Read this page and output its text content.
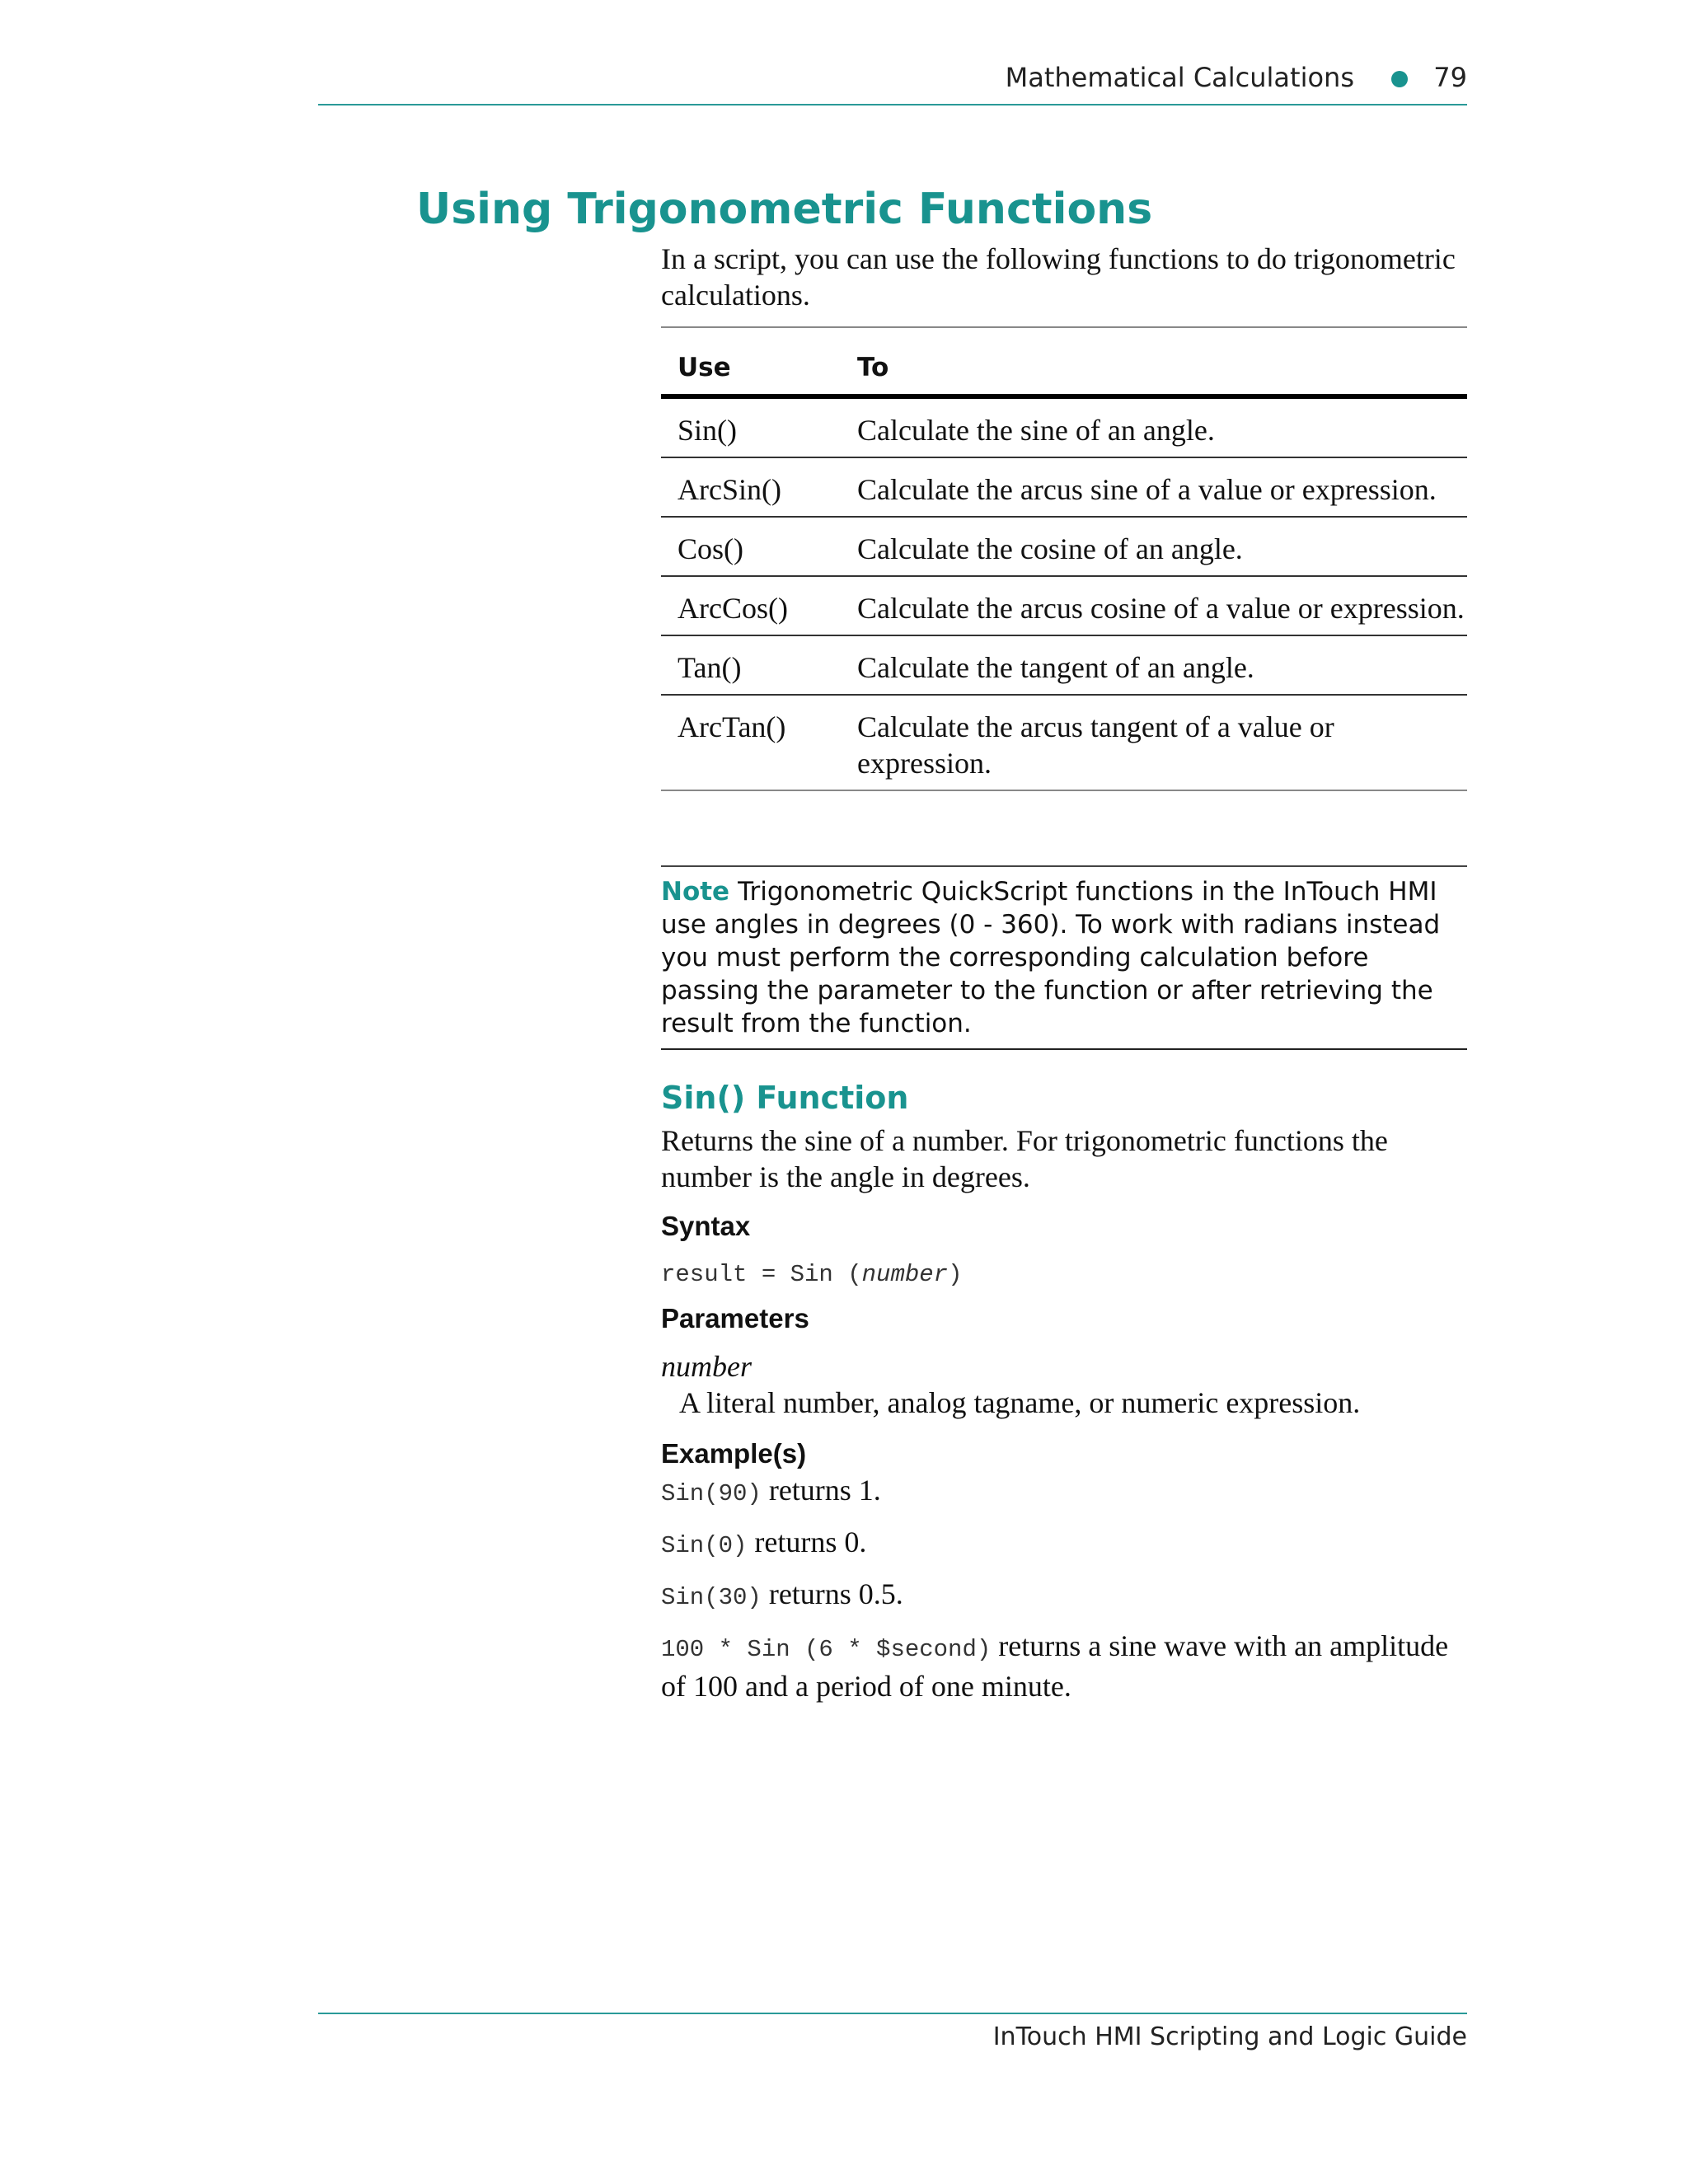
Mathematical Calculations	79
Using Trigonometric Functions

In a script, you can use the following functions to do trigonometric calculations.

Use	To
Sin()	Calculate the sine of an angle.
ArcSin()	Calculate the arcus sine of a value or expression.
Cos()	Calculate the cosine of an angle.
ArcCos()	Calculate the arcus cosine of a value or expression.
Tan()	Calculate the tangent of an angle.
ArcTan()	Calculate the arcus tangent of a value or expression.
Note Trigonometric QuickScript functions in the InTouch HMI use angles in degrees (0 - 360). To work with radians instead you must perform the corresponding calculation before passing the parameter to the function or after retrieving the result from the function.
Sin() Function

Returns the sine of a number. For trigonometric functions the number is the angle in degrees.

Syntax

result = Sin (number)

Parameters

number

A literal number, analog tagname, or numeric expression.

Example(s)

Sin(90) returns 1.

Sin(0) returns 0.

Sin(30) returns 0.5.

100 * Sin (6 * $second) returns a sine wave with an amplitude of 100 and a period of one minute.

InTouch HMI Scripting and Logic Guide
